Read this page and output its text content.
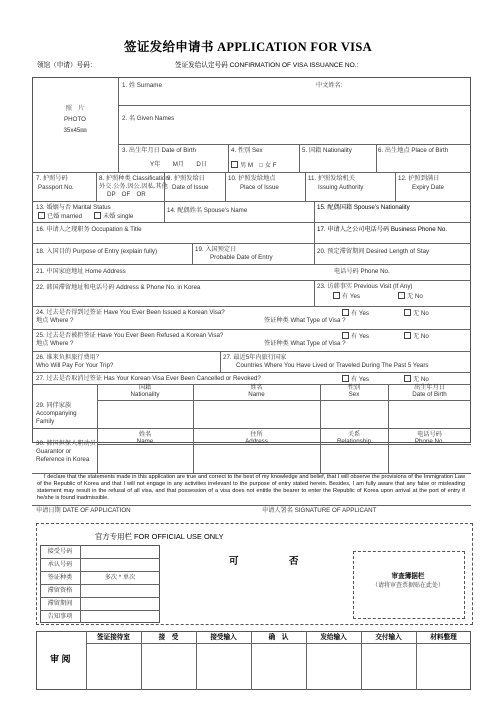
签证发给申请书 APPLICATION FOR VISA
领馆（申请）号码：	签证发给认定号码 CONFIRMATION OF VISA ISSUANCE NO.:
照　片
PHOTO
35x45㎜
1. 姓 Surname	中文姓名:
2. 名 Given Names
3. 出生年月日 Date of Birth
Y年　　M月　　D日
4. 性别 Sex
男 M　□ 女 F
5. 国籍 Nationality	6. 出生地点 Place of Birth
7. 护照号码
Passport No.
8. 护照种类 Classification
外交.公务.因公.因私.其他
DP　OF　OR
9. 护照发给日
Date of Issue
10. 护照发给地点
Place of Issue
11. 护照发给机关
Issuing Authority
12. 护照到满日
Expiry Date
13. 婚姻与否 Marital Status
已婚 married	未婚 single
14. 配偶姓名 Spouse's Name	15. 配偶国籍 Spouse's Nationality
16. 申请人之现职务 Occupation & Title	17. 申请人之公司电话号码 Business Phone No.
18. 入国目的 Purpose of Entry (explain fully)	19. 入国预定日
Probable Date of Entry
20. 预定滞留期间 Desired Length of Stay
21. 中国家庭地址 Home Address	电话号码 Phone No.
22. 韩国滞留地址和电话号码 Address & Phone No. in Korea	23. 访韩事实 Previous Visit (If Any)
有 Yes	无 No
24. 过去是否得到过签证 Have You Ever Been Issued a Korean Visa?
地点 Where ?
有 Yes	无 No
签证种类 What Type of Visa ?
25. 过去是否被拒签证 Have You Ever Been Refused a Korean Visa?
地点 Where ?
有 Yes	无 No
签证种类 What Type of Visa ?
26. 谁来负担旅行费用？
Who Will Pay For Your Trip?
27. 最近5年内旅行国家
Countries Where You Have Lived or Traveled During The Past 5 Years
27. 过去是否取消过签证 Has Your Korean Visa Ever Been Cancelled or Revoked?	有 Yes	无 No
29. 同伴家族
Accompanying
Family
国籍
Nationality
姓名
Name
性别
Sex
出生年月日
Date of Birth
30. 韩国担保人职动员
Guarantor or
Reference in Korea
姓名
Name
住所
Address
关系
Relationship
电话号码
Phone No.
I declare that the statements made in this application are true and correct to the best of my knowledge and belief, that I will observe the provisions of the Immigration Law of the Republic of Korea and that I will not engage in any activities irrelevant to the purpose of entry stated herein. Besides, I am fully aware that any false or misleading statement may result in the refusal of all visa, and that possession of a visa does not entitle the bearer to enter the Republic of Korea upon arrival at the port of entry if he/she is found inadmissible.
申请日期 DATE OF APPLICATION	申请人署名 SIGNATURE OF APPLICANT
官方专用栏 FOR OFFICIAL USE ONLY
接受号码
承认号码
签证种类	多次 * 单次
滞留资格
滞留期间
告知事项
可	否
审查簿据栏
（请将审查票据贴在此处）
审 阅
签证接待室	接　受	接受输入	确　认	发给输入	交付输入	材料整理
